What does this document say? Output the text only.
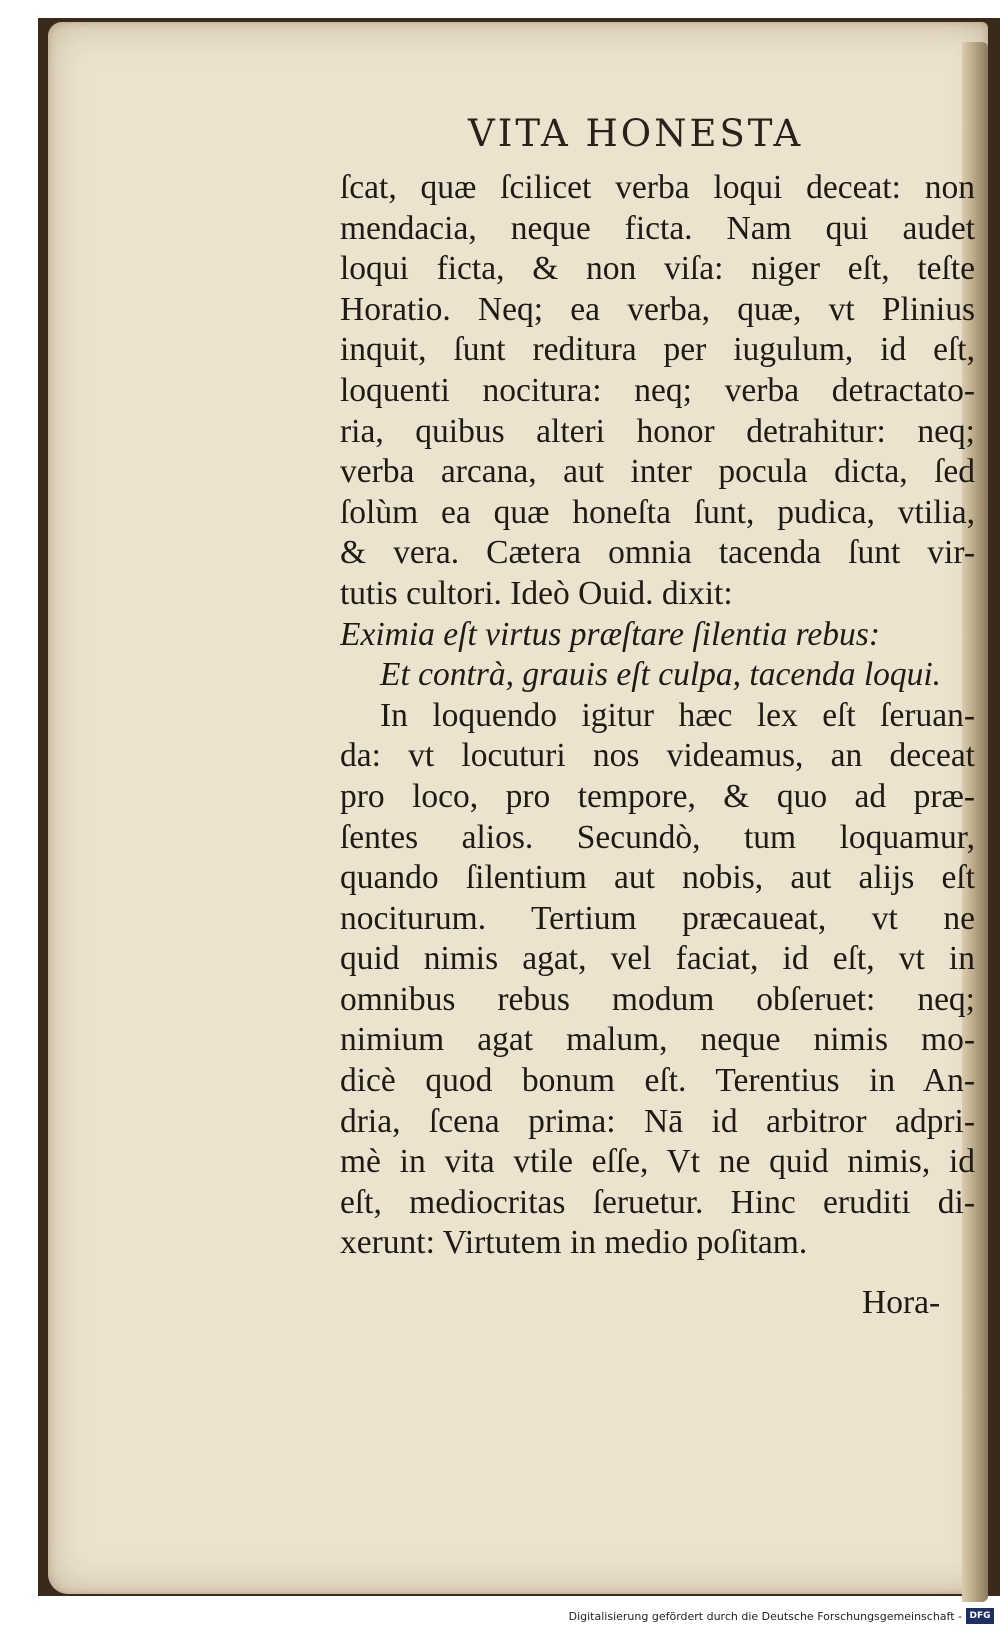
VITA HONESTA
ſcat, quæ ſcilicet verba loqui deceat: non
mendacia, neque ficta. Nam qui audet
loqui ficta, & non viſa: niger eſt, teſte
Horatio. Neq; ea verba, quæ, vt Plinius
inquit, ſunt reditura per iugulum, id eſt,
loquenti nocitura: neq; verba detractato-
ria, quibus alteri honor detrahitur: neq;
verba arcana, aut inter pocula dicta, ſed
ſolùm ea quæ honeſta ſunt, pudica, vtilia,
& vera. Cætera omnia tacenda ſunt vir-
tutis cultori. Ideò Ouid. dixit:
Eximia eſt virtus præſtare ſilentia rebus:
Et contrà, grauis eſt culpa, tacenda loqui.
In loquendo igitur hæc lex eſt ſeruan-
da: vt locuturi nos videamus, an deceat
pro loco, pro tempore, & quo ad præ-
ſentes alios. Secundò, tum loquamur,
quando ſilentium aut nobis, aut alijs eſt
nociturum. Tertium præcaueat, vt ne
quid nimis agat, vel faciat, id eſt, vt in
omnibus rebus modum obſeruet: neq;
nimium agat malum, neque nimis mo-
dicè quod bonum eſt. Terentius in An-
dria, ſcena prima: Nā id arbitror adpri-
mè in vita vtile eſſe, Vt ne quid nimis, id
eſt, mediocritas ſeruetur. Hinc eruditi di-
xerunt: Virtutem in medio poſitam.
Hora-
Digitalisierung gefördert durch die Deutsche Forschungsgemeinschaft - DFG
